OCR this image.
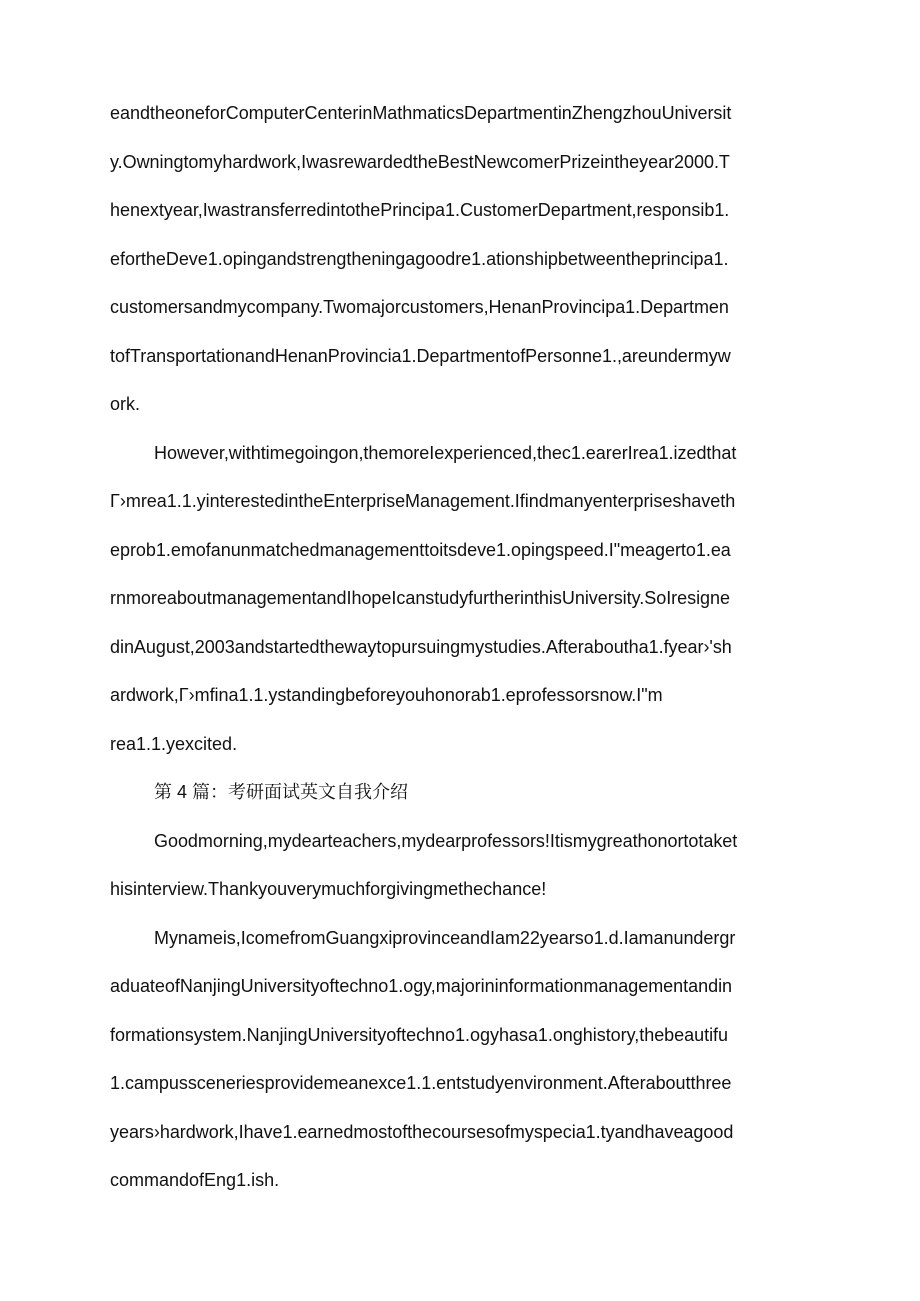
eandtheoneforComputerCenterinMathmaticsDepartmentinZhengzhouUniversit
y.Owningtomyhardwork,IwasrewardedtheBestNewcomerPrizeintheyear2000.T
henextyear,IwastransferredintothePrincipa1.CustomerDepartment,responsib1.
efortheDeve1.opingandstrengtheningagoodre1.ationshipbetweentheprincipa1.
customersandmycompany.Twomajorcustomers,HenanProvincipa1.Departmen
tofTransportationandHenanProvincia1.DepartmentofPersonne1.,areundermyw
ork.
However,withtimegoingon,themoreIexperienced,thec1.earerIrea1.izedthat
Γ›mrea1.1.yinterestedintheEnterpriseManagement.Ifindmanyenterpriseshaveth
eprob1.emofanunmatchedmanagementtoitsdeve1.opingspeed.I"meagerto1.ea
rnmoreaboutmanagementandIhopeIcanstudyfurtherinthisUniversity.SoIresigne
dinAugust,2003andstartedthewaytopursuingmystudies.Afteraboutha1.fyear›'sh
ardwork,Γ›mfina1.1.ystandingbeforeyouhonorab1.eprofessorsnow.I"m
rea1.1.yexcited.
第 4 篇：考研面试英文自我介绍
Goodmorning,mydearteachers,mydearprofessors!Itismygreathonortotaket
hisinterview.Thankyouverymuchforgivingmethechance!
Mynameis,IcomefromGuangxiprovinceandIam22yearso1.d.Iamanundergr
aduateofNanjingUniversityoftechno1.ogy,majorininformationmanagementandin
formationsystem.NanjingUniversityoftechno1.ogyhasa1.onghistory,thebeautifu
1.campussceneriesprovidemeanexce1.1.entstudyenvironment.Afteraboutthree
years›hardwork,Ihave1.earnedmostofthecoursesofmyspecia1.tyandhaveagood
commandofEng1.ish.
